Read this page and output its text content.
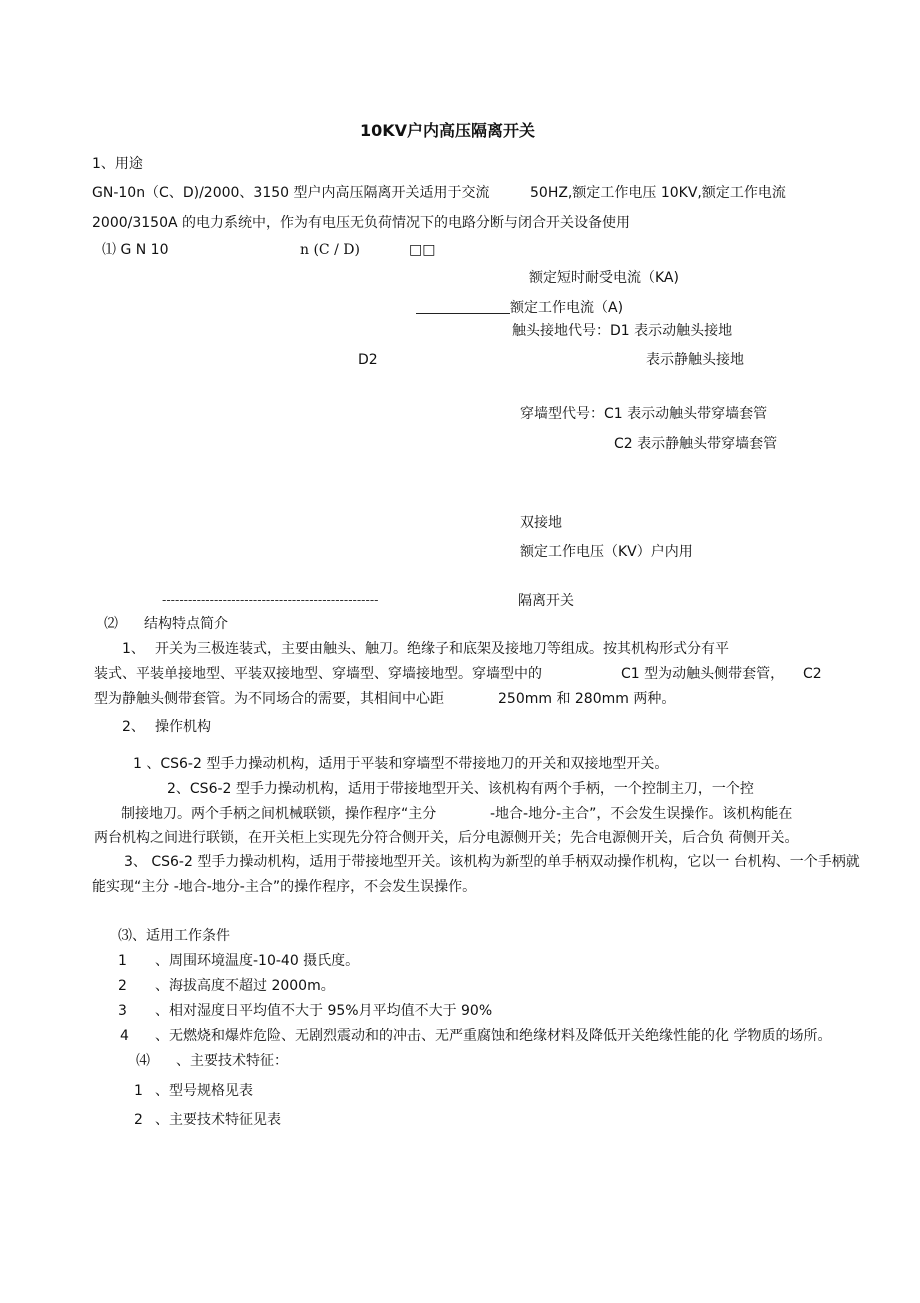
10KV户内高压隔离开关
1、用途
GN-10n（C、D)/2000、3150 型户内高压隔离开关适用于交流	50HZ,额定工作电压 10KV,额定工作电流
2000/3150A 的电力系统中，作为有电压无负荷情况下的电路分断与闭合开关设备使用
⑴ G N 10	n (C / D)	□□
额定短时耐受电流（KA)
额定工作电流（A)
触头接地代号：D1 表示动触头接地
D2	表示静触头接地
穿墙型代号：C1 表示动触头带穿墙套管
C2 表示静触头带穿墙套管
双接地
额定工作电压（KV）户内用
--------------------------------------------------	隔离开关
⑵ 结构特点简介
1、 开关为三极连装式，主要由触头、触刀。绝缘子和底架及接地刀等组成。按其机构形式分有平
装式、平装单接地型、平装双接地型、穿墙型、穿墙接地型。穿墙型中的	C1 型为动触头侧带套管， C2
型为静触头侧带套管。为不同场合的需要，其相间中心距	250mm 和 280mm 两种。
2、 操作机构
1 、CS6-2 型手力操动机构，适用于平装和穿墙型不带接地刀的开关和双接地型开关。
2、CS6-2 型手力操动机构，适用于带接地型开关、该机构有两个手柄，一个控制主刀，一个控
制接地刀。两个手柄之间机械联锁，操作程序“主分	-地合-地分-主合”，不会发生误操作。该机构能在
两台机构之间进行联锁，在开关柜上实现先分符合侧开关，后分电源侧开关；先合电源侧开关，后合负 荷侧开关。
3、 CS6-2 型手力操动机构，适用于带接地型开关。该机构为新型的单手柄双动操作机构，它以一 台机构、一个手柄就
能实现“主分 -地合-地分-主合”的操作程序，不会发生误操作。
⑶、适用工作条件
1 、周围环境温度-10-40 摄氏度。
2 、海拔高度不超过 2000m。
3 、相对湿度日平均值不大于 95%月平均值不大于 90%
4 、无燃烧和爆炸危险、无剧烈震动和的冲击、无严重腐蚀和绝缘材料及降低开关绝缘性能的化 学物质的场所。
⑷ 、主要技术特征：
1 、型号规格见表
2 、主要技术特征见表
